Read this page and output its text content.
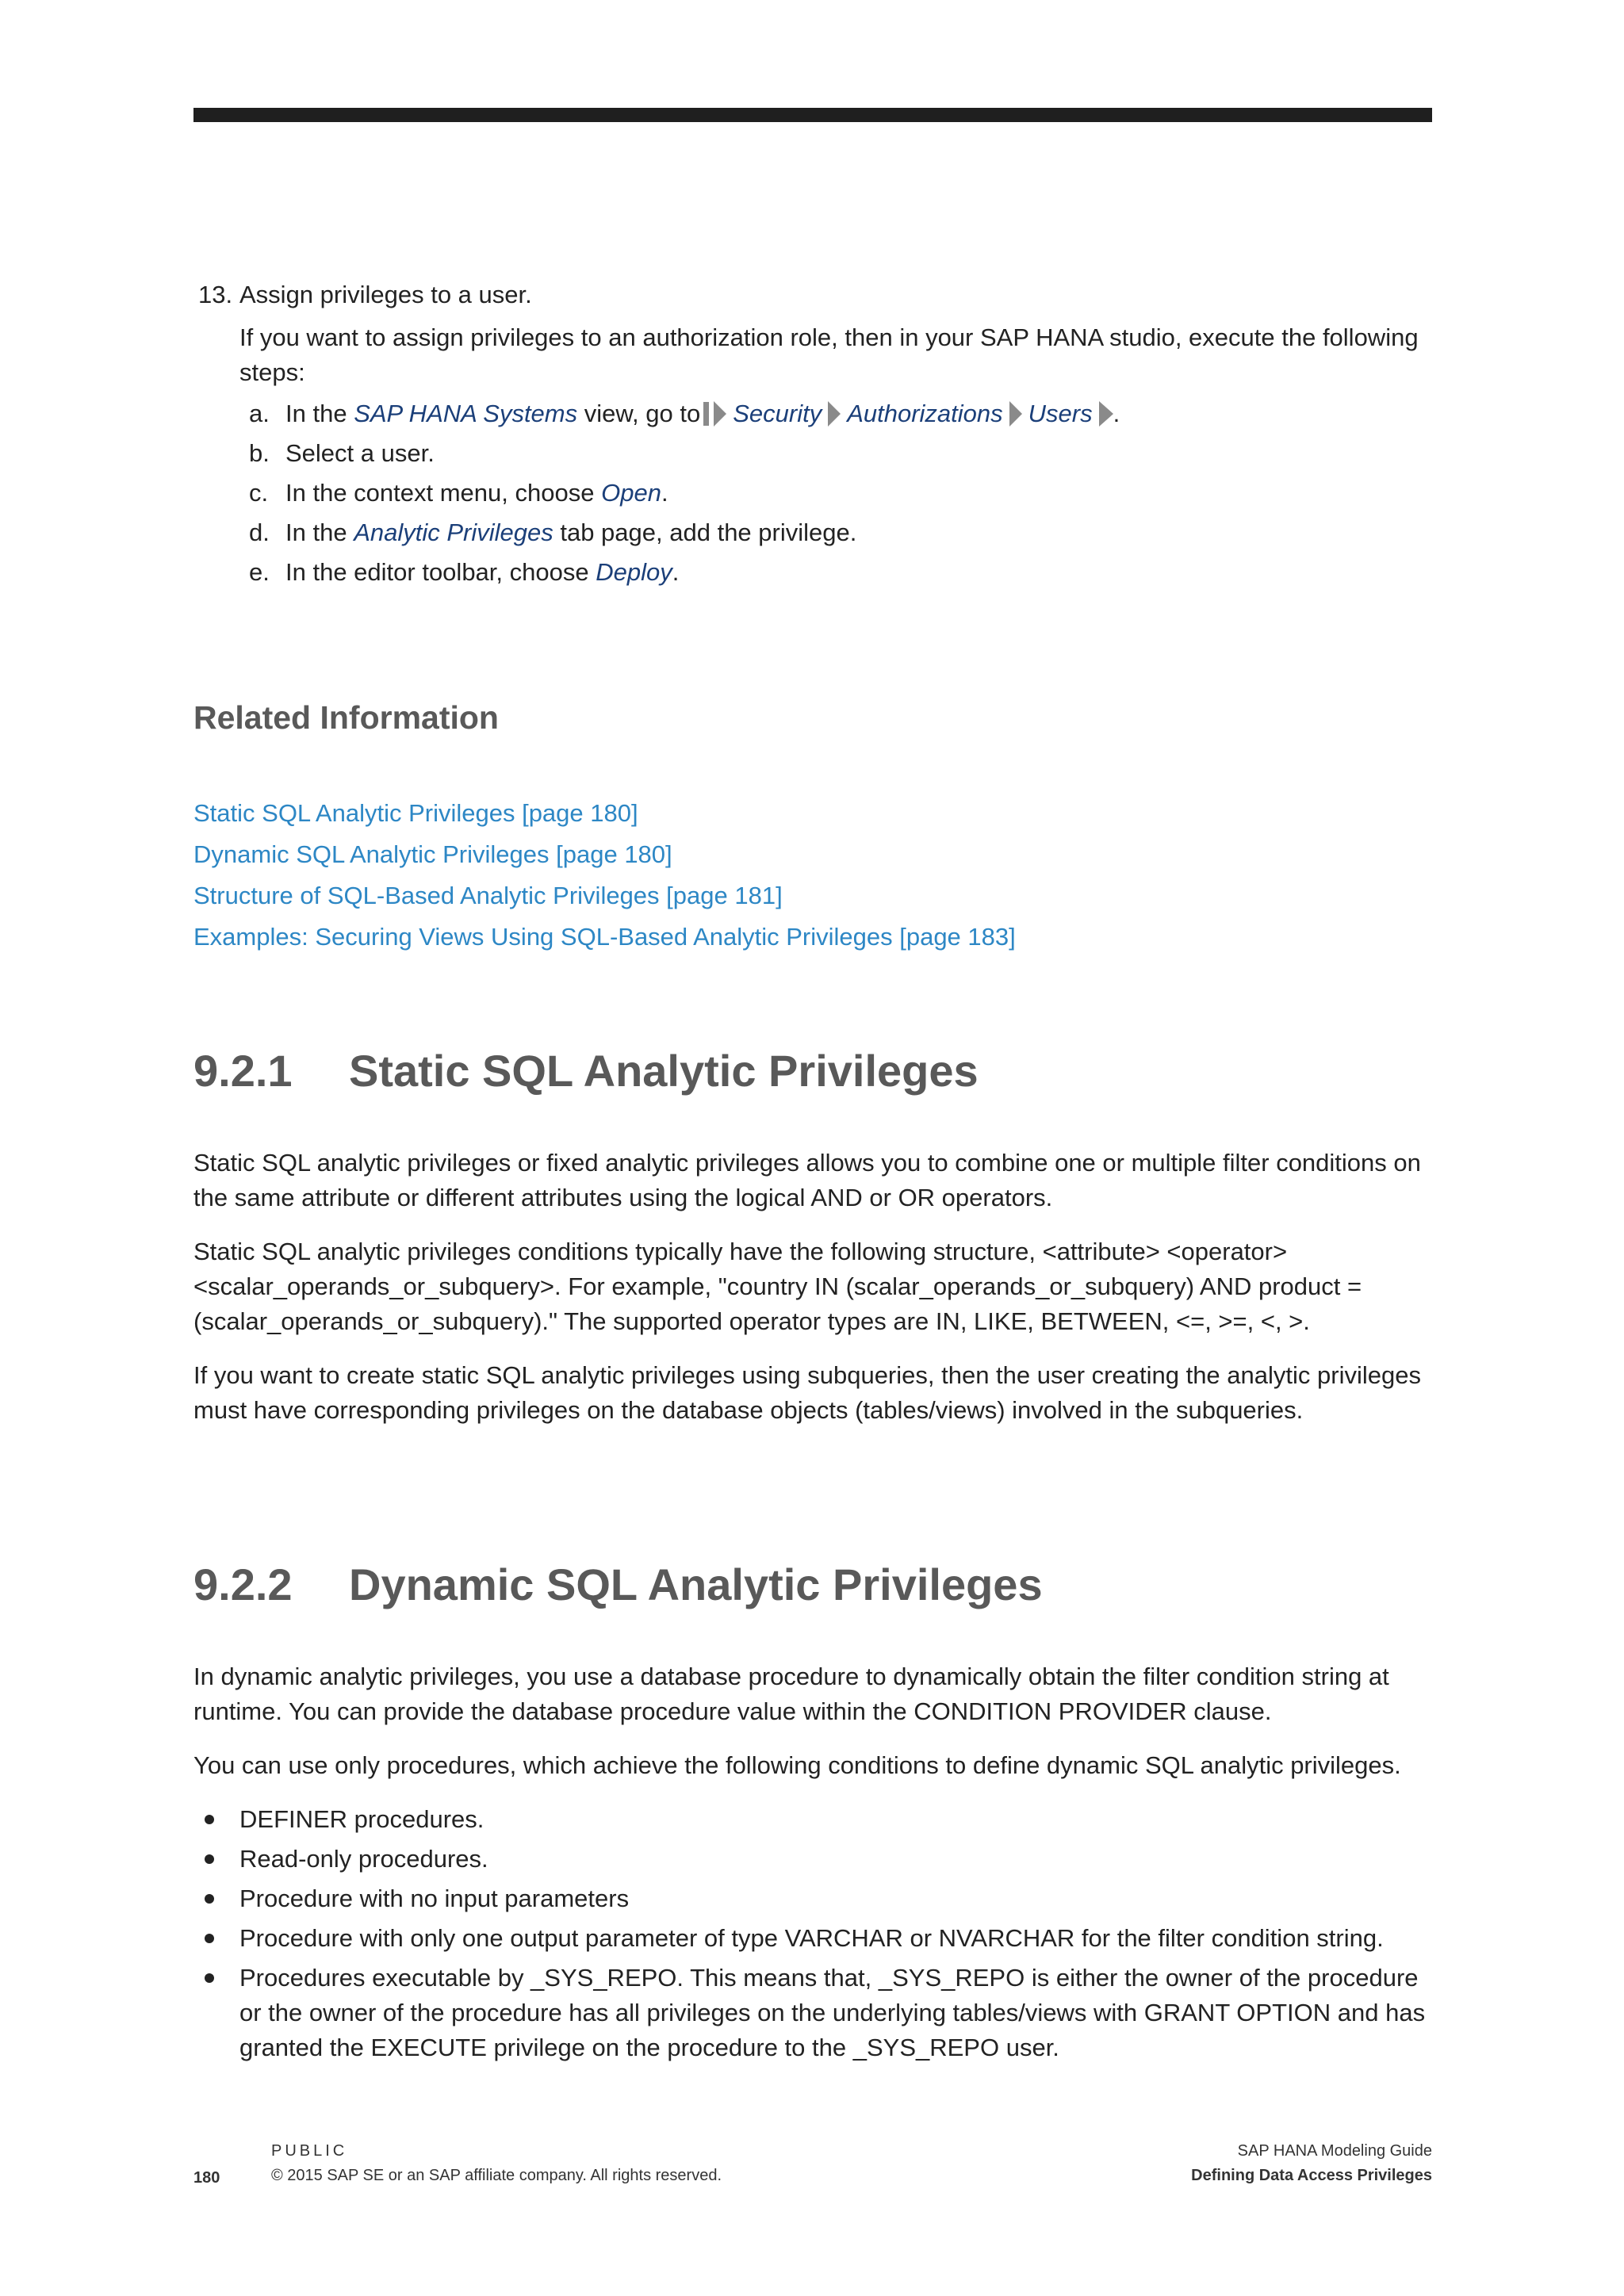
13. Assign privileges to a user.

If you want to assign privileges to an authorization role, then in your SAP HANA studio, execute the following steps:

a. In the SAP HANA Systems view, go to Security Authorizations Users .
b. Select a user.
c. In the context menu, choose Open.
d. In the Analytic Privileges tab page, add the privilege.
e. In the editor toolbar, choose Deploy.
Related Information
Static SQL Analytic Privileges [page 180]
Dynamic SQL Analytic Privileges [page 180]
Structure of SQL-Based Analytic Privileges [page 181]
Examples: Securing Views Using SQL-Based Analytic Privileges [page 183]
9.2.1 Static SQL Analytic Privileges

Static SQL analytic privileges or fixed analytic privileges allows you to combine one or multiple filter conditions on the same attribute or different attributes using the logical AND or OR operators.

Static SQL analytic privileges conditions typically have the following structure, <attribute> <operator> <scalar_operands_or_subquery>. For example, "country IN (scalar_operands_or_subquery) AND product = (scalar_operands_or_subquery)." The supported operator types are IN, LIKE, BETWEEN, <=, >=, <, >.

If you want to create static SQL analytic privileges using subqueries, then the user creating the analytic privileges must have corresponding privileges on the database objects (tables/views) involved in the subqueries.

9.2.2 Dynamic SQL Analytic Privileges

In dynamic analytic privileges, you use a database procedure to dynamically obtain the filter condition string at runtime. You can provide the database procedure value within the CONDITION PROVIDER clause.

You can use only procedures, which achieve the following conditions to define dynamic SQL analytic privileges.

DEFINER procedures.
Read-only procedures.
Procedure with no input parameters
Procedure with only one output parameter of type VARCHAR or NVARCHAR for the filter condition string.
Procedures executable by _SYS_REPO. This means that, _SYS_REPO is either the owner of the procedure or the owner of the procedure has all privileges on the underlying tables/views with GRANT OPTION and has granted the EXECUTE privilege on the procedure to the _SYS_REPO user.
180
PUBLIC
© 2015 SAP SE or an SAP affiliate company. All rights reserved.
SAP HANA Modeling Guide
Defining Data Access Privileges
